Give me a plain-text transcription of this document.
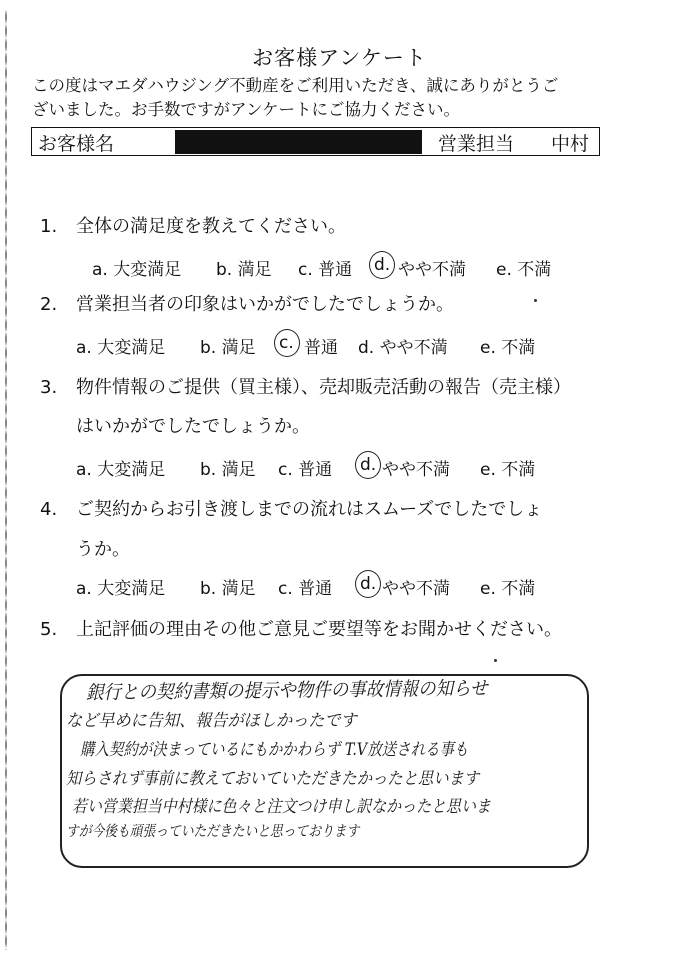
お客様アンケート
この度はマエダハウジング不動産をご利用いただき、誠にありがとうご
ざいました。お手数ですがアンケートにご協力ください。
お客様名	営業担当 中村
1. 全体の満足度を教えてください。
a. 大変満足 b. 満足 c. 普通 d. やや不満 e. 不満
2. 営業担当者の印象はいかがでしたでしょうか。
a. 大変満足 b. 満足 c. 普通 d. やや不満 e. 不満
3. 物件情報のご提供（買主様）、売却販売活動の報告（売主様）
はいかがでしたでしょうか。
a. 大変満足 b. 満足 c. 普通 d. やや不満 e. 不満
4. ご契約からお引き渡しまでの流れはスムーズでしたでしょ
うか。
a. 大変満足 b. 満足 c. 普通 d. やや不満 e. 不満
5. 上記評価の理由その他ご意見ご要望等をお聞かせください。
銀行との契約書類の提示や物件の事故情報の知らせ
など早めに告知、報告がほしかったです
購入契約が決まっているにもかかわらず T.V放送される事も
知らされず事前に教えておいていただきたかったと思います
若い営業担当中村様に色々と注文つけ申し訳なかったと思いま
すが今後も頑張っていただきたいと思っております
